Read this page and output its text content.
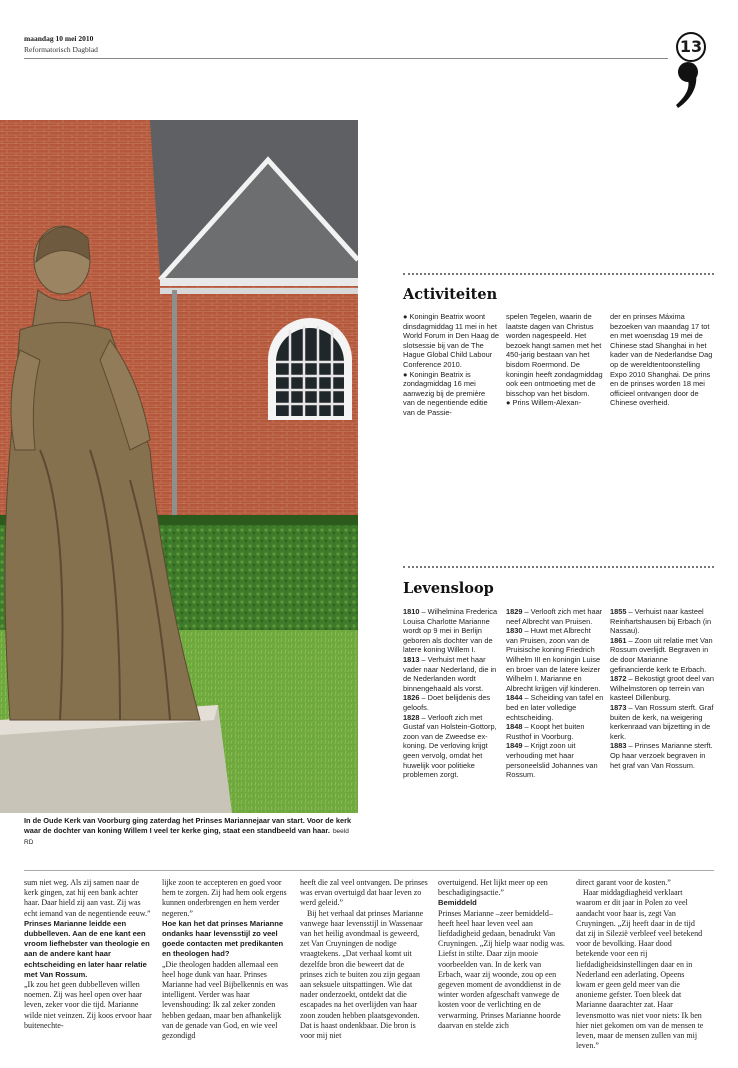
maandag 10 mei 2010
Reformatorisch Dagblad	13
In de Oude Kerk van Voorburg ging zaterdag het Prinses Mariannejaar van start. Voor de kerk waar de dochter van koning Willem I veel ter kerke ging, staat een standbeeld van haar. beeld RD
Activiteiten

● Koningin Beatrix woont dinsdagmiddag 11 mei in het World Forum in Den Haag de slotsessie bij van de The Hague Global Child Labour Conference 2010.

● Koningin Beatrix is zondagmiddag 16 mei aanwezig bij de première van de negentiende editie van de Passie-

spelen Tegelen, waarin de laatste dagen van Christus worden nagespeeld. Het bezoek hangt samen met het 450-jarig bestaan van het bisdom Roermond. De koningin heeft zondagmiddag ook een ontmoeting met de bisschop van het bisdom.

● Prins Willem-Alexan-

der en prinses Máxima bezoeken van maandag 17 tot en met woensdag 19 mei de Chinese stad Shanghai in het kader van de Nederlandse Dag op de wereldtentoonstelling Expo 2010 Shanghai. De prins en de prinses worden 18 mei officieel ontvangen door de Chinese overheid.

Levensloop

1810 – Wilhelmina Frederica Louisa Charlotte Marianne wordt op 9 mei in Berlijn geboren als dochter van de latere koning Willem I.

1813 – Verhuist met haar vader naar Nederland, die in de Nederlanden wordt binnengehaald als vorst.

1826 – Doet belijdenis des geloofs.

1828 – Verlooft zich met Gustaf van Holstein-Gottorp, zoon van de Zweedse ex-koning. De verloving krijgt geen vervolg, omdat het huwelijk voor politieke problemen zorgt.

1829 – Verlooft zich met haar neef Albrecht van Pruisen.

1830 – Huwt met Albrecht van Pruisen, zoon van de Pruisische koning Friedrich Wilhelm III en koningin Luise en broer van de latere keizer Wilhelm I. Marianne en Albrecht krijgen vijf kinderen.

1844 – Scheiding van tafel en bed en later volledige echtscheiding.

1848 – Koopt het buiten Rusthof in Voorburg.

1849 – Krijgt zoon uit verhouding met haar personeelslid Johannes van Rossum.

1855 – Verhuist naar kasteel Reinhartshausen bij Erbach (in Nassau).

1861 – Zoon uit relatie met Van Rossum overlijdt. Begraven in de door Marianne gefinancierde kerk te Erbach.

1872 – Bekostigt groot deel van Wilhelmstoren op terrein van kasteel Dillenburg.

1873 – Van Rossum sterft. Graf buiten de kerk, na weigering kerkenraad van bijzetting in de kerk.

1883 – Prinses Marianne sterft. Op haar verzoek begraven in het graf van Van Rossum.

sum niet weg. Als zij samen naar de kerk gingen, zat hij een bank achter haar. Daar hield zij aan vast. Zij was echt iemand van de negentiende eeuw.”

Prinses Marianne leidde een dubbelleven. Aan de ene kant een vroom liefhebster van theologie en aan de andere kant haar echtscheiding en later haar relatie met Van Rossum.

„Ik zou het geen dubbelleven willen noemen. Zij was heel open over haar leven, zeker voor die tijd. Marianne wilde niet veinzen. Zij koos ervoor haar buitenechte-

lijke zoon te accepteren en goed voor hem te zorgen. Zij had hem ook ergens kunnen onderbrengen en hem verder negeren.”

Hoe kan het dat prinses Marianne ondanks haar levensstijl zo veel goede contacten met predikanten en theologen had?

„Die theologen hadden allemaal een heel hoge dunk van haar. Prinses Marianne had veel Bijbelkennis en was intelligent. Verder was haar levenshouding: Ik zal zeker zonden hebben gedaan, maar ben afhankelijk van de genade van God, en wie veel gezondigd

heeft die zal veel ontvangen. De prinses was ervan overtuigd dat haar leven zo werd geleid.”

Bij het verhaal dat prinses Marianne vanwege haar levensstijl in Wassenaar van het heilig avondmaal is geweerd, zet Van Cruyningen de nodige vraagtekens. „Dat verhaal komt uit dezelfde bron die beweert dat de prinses zich te buiten zou zijn gegaan aan seksuele uitspattingen. Wie dat nader onderzoekt, ontdekt dat die escapades na het overlijden van haar zoon zouden hebben plaatsgevonden. Dat is haast ondenkbaar. Die bron is voor mij niet

overtuigend. Het lijkt meer op een beschadigingsactie.”

Bemiddeld

Prinses Marianne –zeer bemiddeld– heeft heel haar leven veel aan liefdadigheid gedaan, benadrukt Van Cruyningen. „Zij hielp waar nodig was. Liefst in stilte. Daar zijn mooie voorbeelden van. In de kerk van Erbach, waar zij woonde, zou op een gegeven moment de avonddienst in de winter worden afgeschaft vanwege de kosten voor de verlichting en de verwarming. Prinses Marianne hoorde daarvan en stelde zich

direct garant voor de kosten.”

Haar middagdiagheid verklaart waarom er dit jaar in Polen zo veel aandacht voor haar is, zegt Van Cruyningen. „Zij heeft daar in de tijd dat zij in Silezië verbleef veel betekend voor de bevolking. Haar dood betekende voor een rij liefdadigheidsinstellingen daar en in Nederland een aderlating. Opeens kwam er geen geld meer van die anonieme gefster. Toen bleek dat Marianne daarachter zat. Haar levensmotto was niet voor niets: Ik ben hier niet gekomen om van de mensen te leven, maar de mensen zullen van mij leven.”
